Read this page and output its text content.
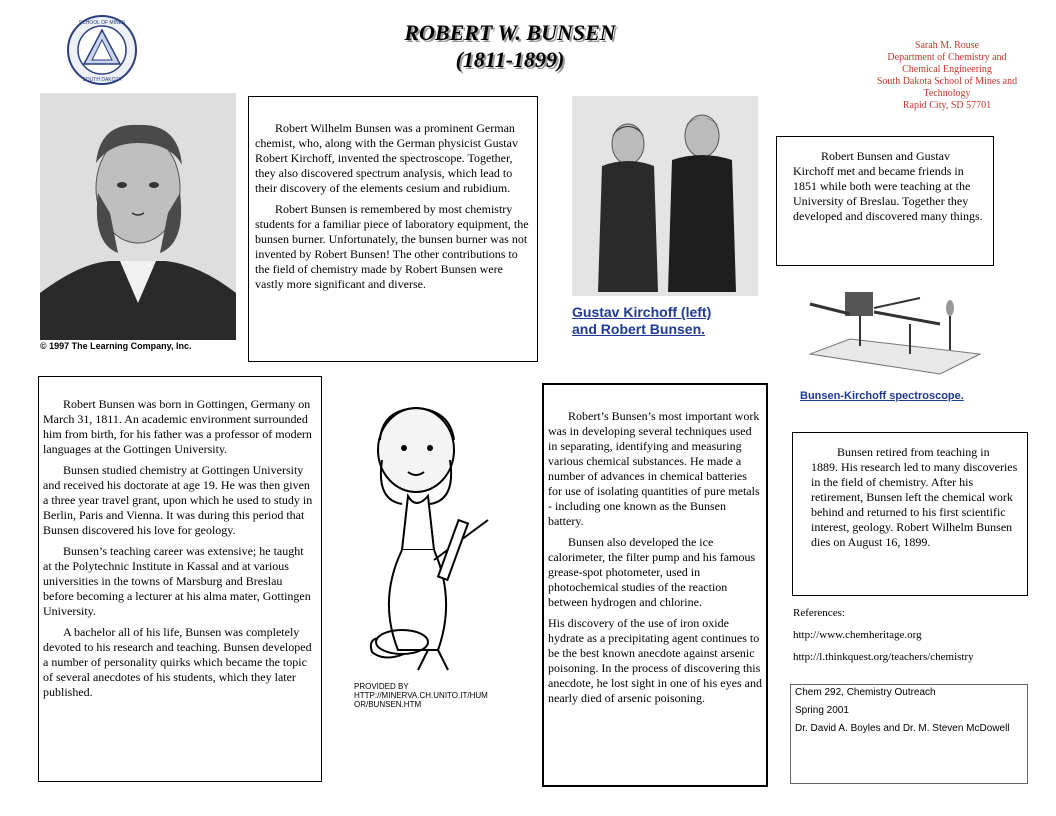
SCHOOL OF MINES
SOUTH DAKOTA
ROBERT W. BUNSEN
(1811-1899)
Sarah M. Rouse
Department of Chemistry and
Chemical Engineering
South Dakota School of Mines and
Technology
Rapid City, SD 57701
© 1997 The Learning Company, Inc.

Robert Wilhelm Bunsen was a prominent German chemist, who, along with the German physicist Gustav Robert Kirchoff, invented the spectroscope. Together, they also discovered spectrum analysis, which lead to their discovery of the elements cesium and rubidium.

Robert Bunsen is remembered by most chemistry students for a familiar piece of laboratory equipment, the bunsen burner. Unfortunately, the bunsen burner was not invented by Robert Bunsen! The other contributions to the field of chemistry made by Robert Bunsen were vastly more significant and diverse.

Gustav Kirchoff (left)
and Robert Bunsen.

Robert Bunsen and Gustav Kirchoff met and became friends in 1851 while both were teaching at the University of Breslau. Together they developed and discovered many things.

Bunsen-Kirchoff spectroscope.

Robert Bunsen was born in Gottingen, Germany on March 31, 1811. An academic environment surrounded him from birth, for his father was a professor of modern languages at the Gottingen University.

Bunsen studied chemistry at Gottingen University and received his doctorate at age 19. He was then given a three year travel grant, upon which he used to study in Berlin, Paris and Vienna. It was during this period that Bunsen discovered his love for geology.

Bunsen’s teaching career was extensive; he taught at the Polytechnic Institute in Kassal and at various universities in the towns of Marsburg and Breslau before becoming a lecturer at his alma mater, Gottingen University.

A bachelor all of his life, Bunsen was completely devoted to his research and teaching. Bunsen developed a number of personality quirks which became the topic of several anecdotes of his students, which they later published.	PROVIDED BY
HTTP://MINERVA.CH.UNITO.IT/HUM
OR/BUNSEN.HTM

Robert’s Bunsen’s most important work was in developing several techniques used in separating, identifying and measuring various chemical substances. He made a number of advances in chemical batteries for use of isolating quantities of pure metals - including one known as the Bunsen battery.

Bunsen also developed the ice calorimeter, the filter pump and his famous grease-spot photometer, used in photochemical studies of the reaction between hydrogen and chlorine.

His discovery of the use of iron oxide hydrate as a precipitating agent continues to be the best known anecdote against arsenic poisoning. In the process of discovering this anecdote, he lost sight in one of his eyes and nearly died of arsenic poisoning.

Bunsen retired from teaching in 1889. His research led to many discoveries in the field of chemistry. After his retirement, Bunsen left the chemical work behind and returned to his first scientific interest, geology. Robert Wilhelm Bunsen dies on August 16, 1899.

References:
http://www.chemheritage.org
http://l.thinkquest.org/teachers/chemistry
Chem 292, Chemistry Outreach
Spring 2001
Dr. David A. Boyles and Dr. M. Steven McDowell
